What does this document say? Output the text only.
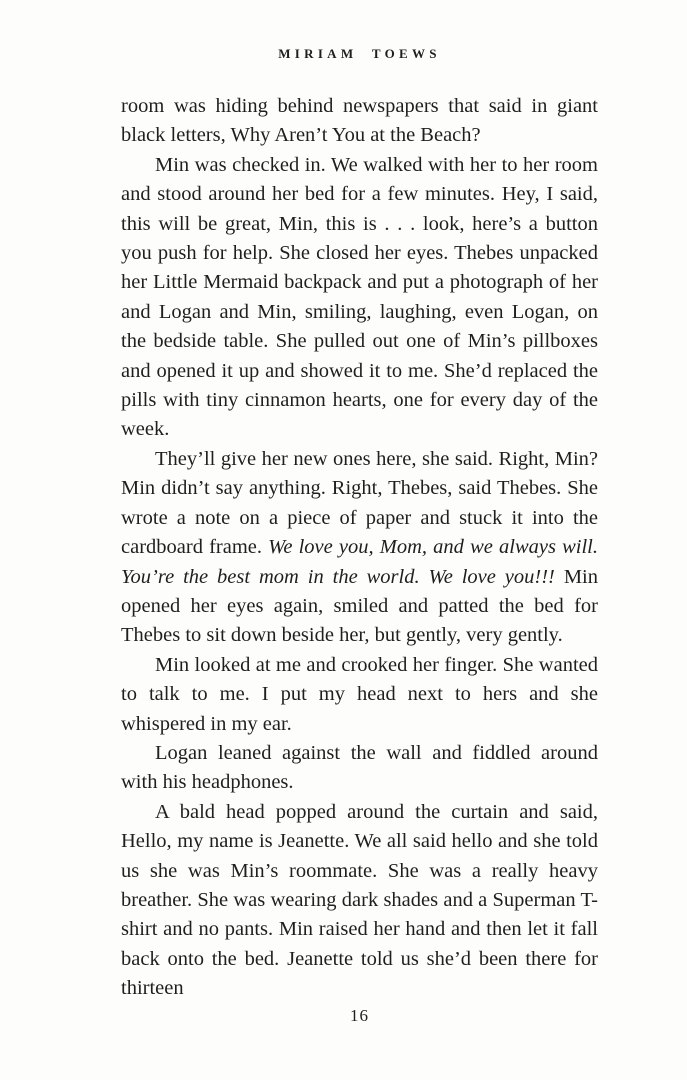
MIRIAM TOEWS

room was hiding behind newspapers that said in giant black letters, Why Aren’t You at the Beach?

Min was checked in. We walked with her to her room and stood around her bed for a few minutes. Hey, I said, this will be great, Min, this is . . . look, here’s a button you push for help. She closed her eyes. Thebes unpacked her Little Mermaid backpack and put a photograph of her and Logan and Min, smiling, laughing, even Logan, on the bedside table. She pulled out one of Min’s pillboxes and opened it up and showed it to me. She’d replaced the pills with tiny cinnamon hearts, one for every day of the week.

They’ll give her new ones here, she said. Right, Min? Min didn’t say anything. Right, Thebes, said Thebes. She wrote a note on a piece of paper and stuck it into the cardboard frame. We love you, Mom, and we always will. You’re the best mom in the world. We love you!!! Min opened her eyes again, smiled and patted the bed for Thebes to sit down beside her, but gently, very gently.

Min looked at me and crooked her finger. She wanted to talk to me. I put my head next to hers and she whispered in my ear.

Logan leaned against the wall and fiddled around with his headphones.

A bald head popped around the curtain and said, Hello, my name is Jeanette. We all said hello and she told us she was Min’s roommate. She was a really heavy breather. She was wearing dark shades and a Superman T-shirt and no pants. Min raised her hand and then let it fall back onto the bed. Jeanette told us she’d been there for thirteen

16
